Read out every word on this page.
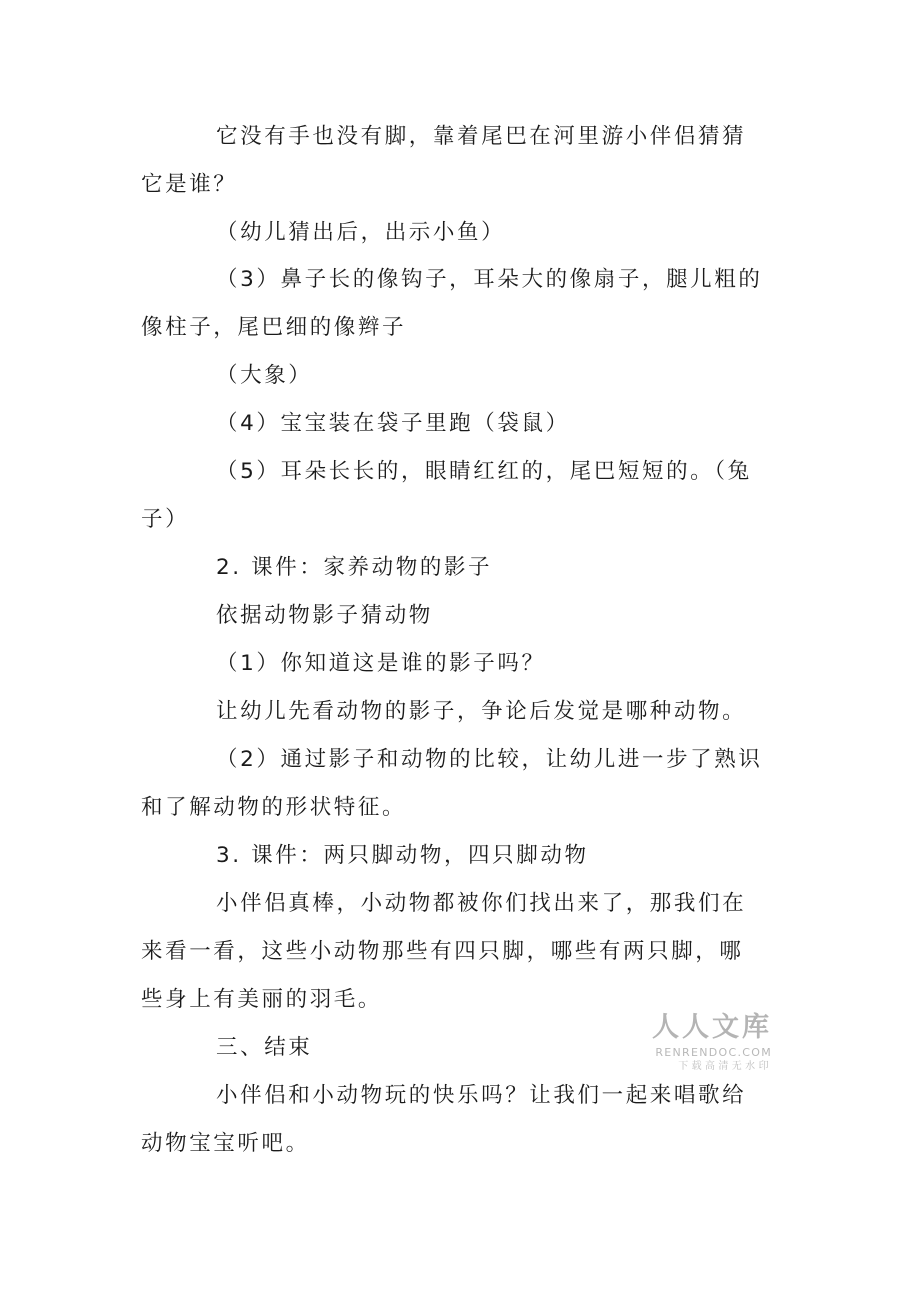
它没有手也没有脚，靠着尾巴在河里游小伴侣猜猜
它是谁？
（幼儿猜出后，出示小鱼）
（3）鼻子长的像钩子，耳朵大的像扇子，腿儿粗的
像柱子，尾巴细的像辫子
（大象）
（4）宝宝装在袋子里跑（袋鼠）
（5）耳朵长长的，眼睛红红的，尾巴短短的。（兔
子）
2. 课件：家养动物的影子
依据动物影子猜动物
（1）你知道这是谁的影子吗？
让幼儿先看动物的影子，争论后发觉是哪种动物。
（2）通过影子和动物的比较，让幼儿进一步了熟识
和了解动物的形状特征。
3. 课件：两只脚动物，四只脚动物
小伴侣真棒，小动物都被你们找出来了，那我们在
来看一看，这些小动物那些有四只脚，哪些有两只脚，哪
些身上有美丽的羽毛。
三、结束
小伴侣和小动物玩的快乐吗？让我们一起来唱歌给
动物宝宝听吧。
人人文库
RENRENDOC.COM
下载高清无水印
